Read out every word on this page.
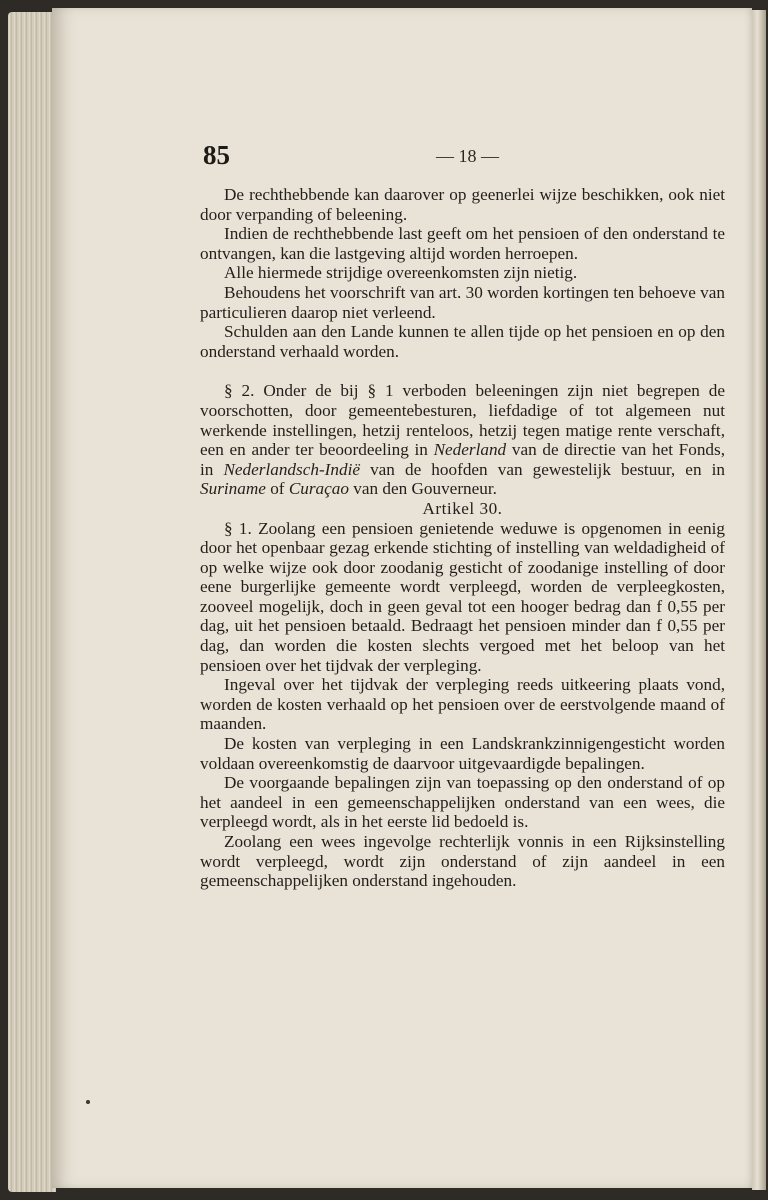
85	— 18 —

De rechthebbende kan daarover op geenerlei wijze beschikken, ook niet door verpanding of beleening.

Indien de rechthebbende last geeft om het pensioen of den onderstand te ontvangen, kan die lastgeving altijd worden herroepen.

Alle hiermede strijdige overeenkomsten zijn nietig.

Behoudens het voorschrift van art. 30 worden kortingen ten behoeve van particulieren daarop niet verleend.

Schulden aan den Lande kunnen te allen tijde op het pensioen en op den onderstand verhaald worden.

§ 2. Onder de bij § 1 verboden beleeningen zijn niet begrepen de voorschotten, door gemeentebesturen, liefdadige of tot algemeen nut werkende instellingen, hetzij renteloos, hetzij tegen matige rente verschaft, een en ander ter beoordeeling in Nederland van de directie van het Fonds, in Nederlandsch-Indië van de hoofden van gewestelijk bestuur, en in Suriname of Curaçao van den Gouverneur.

Artikel 30.

§ 1. Zoolang een pensioen genietende weduwe is opgenomen in eenig door het openbaar gezag erkende stichting of instelling van weldadigheid of op welke wijze ook door zoodanig gesticht of zoodanige instelling of door eene burgerlijke gemeente wordt verpleegd, worden de verpleegkosten, zooveel mogelijk, doch in geen geval tot een hooger bedrag dan f 0,55 per dag, uit het pensioen betaald. Bedraagt het pensioen minder dan f 0,55 per dag, dan worden die kosten slechts vergoed met het beloop van het pensioen over het tijdvak der verpleging.

Ingeval over het tijdvak der verpleging reeds uitkeering plaats vond, worden de kosten verhaald op het pensioen over de eerstvolgende maand of maanden.

De kosten van verpleging in een Landskrankzinnigengesticht worden voldaan overeenkomstig de daarvoor uitgevaardigde bepalingen.

De voorgaande bepalingen zijn van toepassing op den onderstand of op het aandeel in een gemeenschappelijken onderstand van een wees, die verpleegd wordt, als in het eerste lid bedoeld is.

Zoolang een wees ingevolge rechterlijk vonnis in een Rijksinstelling wordt verpleegd, wordt zijn onderstand of zijn aandeel in een gemeenschappelijken onderstand ingehouden.
